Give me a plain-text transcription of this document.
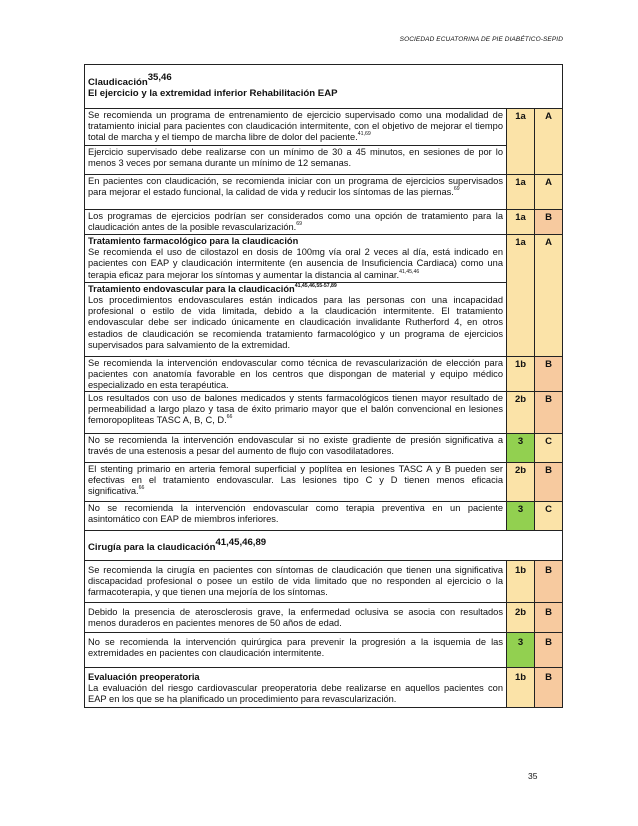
SOCIEDAD ECUATORINA DE PIE DIABÉTICO-SEPID
Claudicación$^{35,46}$
El ejercicio y la extremidad inferior Rehabilitación EAP
Se recomienda un programa de entrenamiento de ejercicio supervisado como una modalidad de tratamiento inicial para pacientes con claudicación intermitente, con el objetivo de mejorar el tiempo total de marcha y el tiempo de marcha libre de dolor del paciente.$^{41,69}$
Ejercicio supervisado debe realizarse con un mínimo de 30 a 45 minutos, en sesiones de por lo menos 3 veces por semana durante un mínimo de 12 semanas.
1a	A
En pacientes con claudicación, se recomienda iniciar con un programa de ejercicios supervisados para mejorar el estado funcional, la calidad de vida y reducir los síntomas de las piernas.$^{69}$
1a	A
Los programas de ejercicios podrían ser considerados como una opción de tratamiento para la claudicación antes de la posible revascularización.$^{69}$
1a	B
Tratamiento farmacológico para la claudicación
Se recomienda el uso de cilostazol en dosis de 100mg vía oral 2 veces al día, está indicado en pacientes con EAP y claudicación intermitente (en ausencia de Insuficiencia Cardiaca) como una terapia eficaz para mejorar los síntomas y aumentar la distancia al caminar.$^{41,45,46}$
Tratamiento endovascular para la claudicación$^{41,45,46,55-57,89}$
Los procedimientos endovasculares están indicados para las personas con una incapacidad profesional o estilo de vida limitada, debido a la claudicación intermitente. El tratamiento endovascular debe ser indicado únicamente en claudicación invalidante Rutherford 4, en otros estadios de claudicación se recomienda tratamiento farmacológico y un programa de ejercicios supervisados para salvamiento de la extremidad.
1a	A
Se recomienda la intervención endovascular como técnica de revascularización de elección para pacientes con anatomía favorable en los centros que dispongan de material y equipo médico especializado en esta terapéutica.
1b	B
Los resultados con uso de balones medicados y stents farmacológicos tienen mayor resultado de permeabilidad a largo plazo y tasa de éxito primario mayor que el balón convencional en lesiones femoropopliteas TASC A, B, C, D.$^{66}$
2b	B
No se recomienda la intervención endovascular si no existe gradiente de presión significativa a través de una estenosis a pesar del aumento de flujo con vasodilatadores.
3	C
El stenting primario en arteria femoral superficial y poplítea en lesiones TASC A y B pueden ser efectivas en el tratamiento endovascular. Las lesiones tipo C y D tienen menos eficacia significativa.$^{66}$
2b	B
No se recomienda la intervención endovascular como terapia preventiva en un paciente asintomático con EAP de miembros inferiores.
3	C
Cirugía para la claudicación$^{41,45,46,89}$
Se recomienda la cirugía en pacientes con síntomas de claudicación que tienen una significativa discapacidad profesional o posee un estilo de vida limitado que no responden al ejercicio o la farmacoterapia, y que tienen una mejoría de los síntomas.
1b	B
Debido la presencia de aterosclerosis grave, la enfermedad oclusiva se asocia con resultados menos duraderos en pacientes menores de 50 años de edad.
2b	B
No se recomienda la intervención quirúrgica para prevenir la progresión a la isquemia de las extremidades en pacientes con claudicación intermitente.
3	B
Evaluación preoperatoria
La evaluación del riesgo cardiovascular preoperatoria debe realizarse en aquellos pacientes con EAP en los que se ha planificado un procedimiento para revascularización.
1b	B
35
